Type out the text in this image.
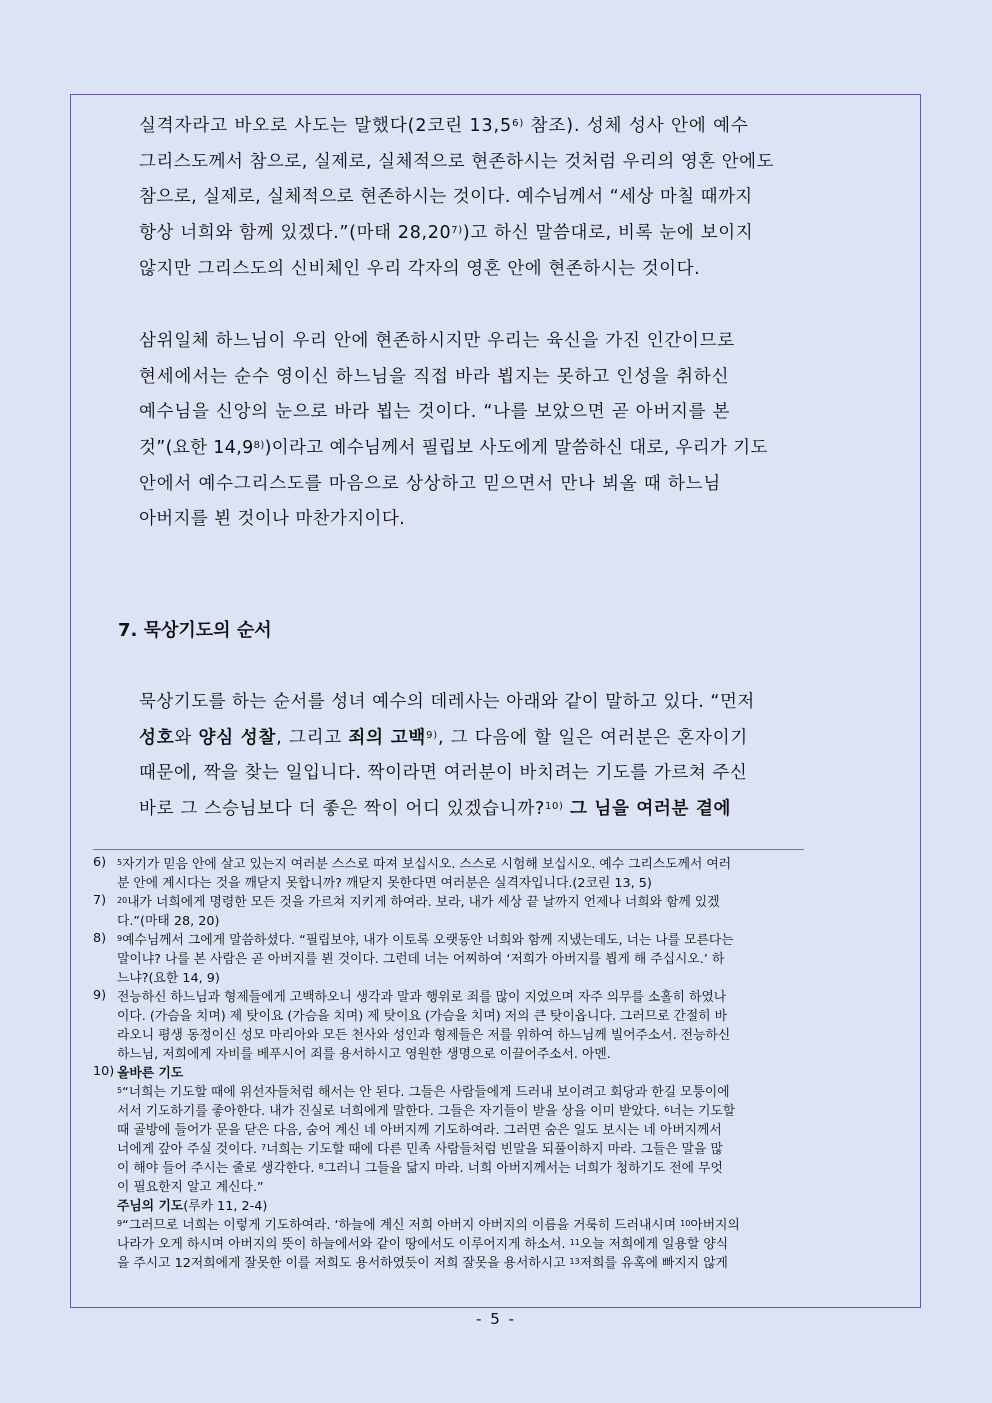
실격자라고 바오로 사도는 말했다(2코린 13,5$^{6)}$ 참조). 성체 성사 안에 예수
그리스도께서 참으로, 실제로, 실체적으로 현존하시는 것처럼 우리의 영혼 안에도
참으로, 실제로, 실체적으로 현존하시는 것이다. 예수님께서 “세상 마칠 때까지
항상 너희와 함께 있겠다.”(마태 28,20$^{7)}$)고 하신 말씀대로, 비록 눈에 보이지
않지만 그리스도의 신비체인 우리 각자의 영혼 안에 현존하시는 것이다.
삼위일체 하느님이 우리 안에 현존하시지만 우리는 육신을 가진 인간이므로
현세에서는 순수 영이신 하느님을 직접 바라 뵙지는 못하고 인성을 취하신
예수님을 신앙의 눈으로 바라 뵙는 것이다. “나를 보았으면 곧 아버지를 본
것”(요한 14,9$^{8)}$)이라고 예수님께서 필립보 사도에게 말씀하신 대로, 우리가 기도
안에서 예수그리스도를 마음으로 상상하고 믿으면서 만나 뵈올 때 하느님
아버지를 뵌 것이나 마찬가지이다.
7. 묵상기도의 순서
묵상기도를 하는 순서를 성녀 예수의 데레사는 아래와 같이 말하고 있다. “먼저
성호와 양심 성찰, 그리고 죄의 고백$^{9)}$, 그 다음에 할 일은 여러분은 혼자이기
때문에, 짝을 찾는 일입니다. 짝이라면 여러분이 바치려는 기도를 가르쳐 주신
바로 그 스승님보다 더 좋은 짝이 어디 있겠습니까?$^{10)}$ 그 님을 여러분 곁에
6) $^5$자기가 믿음 안에 살고 있는지 여러분 스스로 따져 보십시오. 스스로 시험해 보십시오. 예수 그리스도께서 여러
분 안에 계시다는 것을 깨닫지 못합니까? 깨닫지 못한다면 여러분은 실격자입니다.(2코린 13, 5)
7) $^{20}$내가 너희에게 명령한 모든 것을 가르쳐 지키게 하여라. 보라, 내가 세상 끝 날까지 언제나 너희와 함께 있겠
다.”(마태 28, 20)
8) $^9$예수님께서 그에게 말씀하셨다. “필립보야, 내가 이토록 오랫동안 너희와 함께 지냈는데도, 너는 나를 모른다는
말이냐? 나를 본 사람은 곧 아버지를 뵌 것이다. 그런데 너는 어찌하여 ‘저희가 아버지를 뵙게 해 주십시오.’ 하
느냐?(요한 14, 9)
9) 전능하신 하느님과 형제들에게 고백하오니 생각과 말과 행위로 죄를 많이 지었으며 자주 의무를 소홀히 하였나
이다. (가슴을 치며) 제 탓이요 (가슴을 치며) 제 탓이요 (가슴을 치며) 저의 큰 탓이옵니다. 그러므로 간절히 바
라오니 평생 동정이신 성모 마리아와 모든 천사와 성인과 형제들은 저를 위하여 하느님께 빌어주소서. 전능하신
하느님, 저희에게 자비를 베푸시어 죄를 용서하시고 영원한 생명으로 이끌어주소서. 아멘.
10) 올바른 기도
$^5$“너희는 기도할 때에 위선자들처럼 해서는 안 된다. 그들은 사람들에게 드러내 보이려고 회당과 한길 모퉁이에
서서 기도하기를 좋아한다. 내가 진실로 너희에게 말한다. 그들은 자기들이 받을 상을 이미 받았다. $^6$너는 기도할
때 골방에 들어가 문을 닫은 다음, 숨어 계신 네 아버지께 기도하여라. 그러면 숨은 일도 보시는 네 아버지께서
너에게 갚아 주실 것이다. $^7$너희는 기도할 때에 다른 민족 사람들처럼 빈말을 되풀이하지 마라. 그들은 말을 많
이 해야 들어 주시는 줄로 생각한다. $^8$그러니 그들을 닮지 마라. 너희 아버지께서는 너희가 청하기도 전에 무엇
이 필요한지 알고 계신다.”
주님의 기도(루카 11, 2-4)
$^9$“그러므로 너희는 이렇게 기도하여라. ‘하늘에 계신 저희 아버지 아버지의 이름을 거룩히 드러내시며 $^{10}$아버지의
나라가 오게 하시며 아버지의 뜻이 하늘에서와 같이 땅에서도 이루어지게 하소서. $^{11}$오늘 저희에게 일용할 양식
을 주시고 12저희에게 잘못한 이를 저희도 용서하였듯이 저희 잘못을 용서하시고 $^{13}$저희를 유혹에 빠지지 않게
- 5 -
